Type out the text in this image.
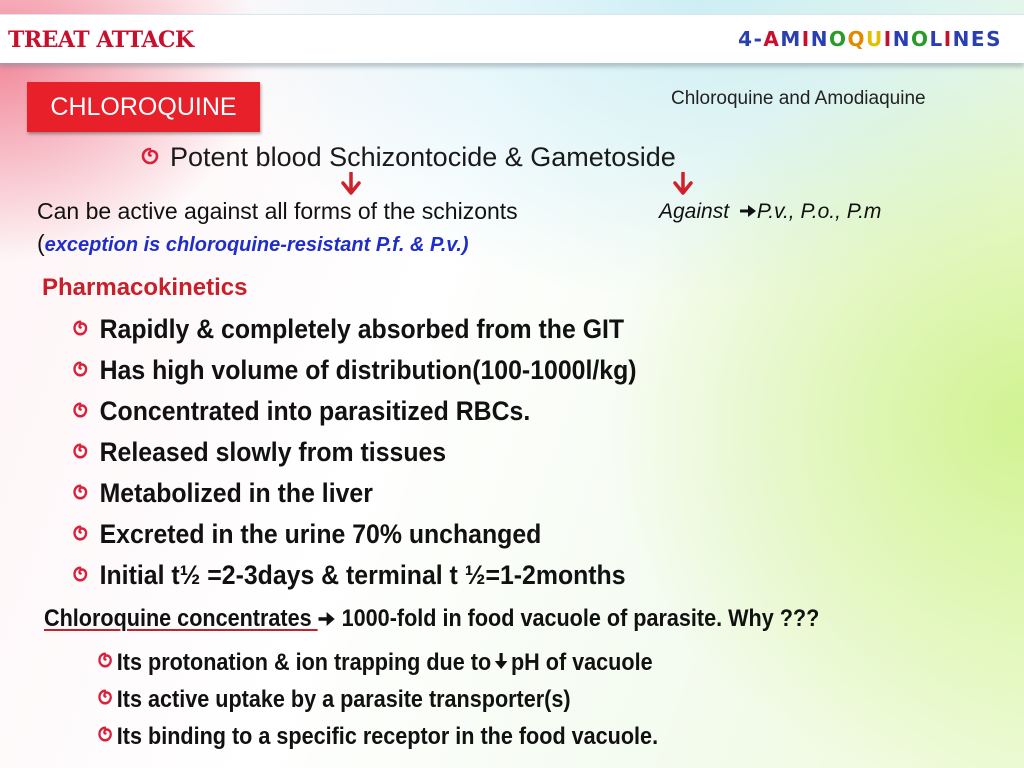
TREAT ATTACK	4-AMINOQUINOLINES
CHLOROQUINE	Chloroquine and Amodiaquine
Potent blood Schizontocide & Gametoside
Can be active against all forms of the schizonts
(exception is chloroquine-resistant P.f. & P.v.)
Against P.v., P.o., P.m
Pharmacokinetics
Rapidly & completely absorbed from the GIT
Has high volume of distribution(100-1000l/kg)
Concentrated into parasitized RBCs.
Released slowly from tissues
Metabolized in the liver
Excreted in the urine 70% unchanged
Initial t½ =2-3days & terminal t ½=1-2months
Chloroquine concentrates  1000-fold in food vacuole of parasite. Why ???
Its protonation & ion trapping due to pH of vacuole
Its active uptake by a parasite transporter(s)
Its binding to a specific receptor in the food vacuole.
